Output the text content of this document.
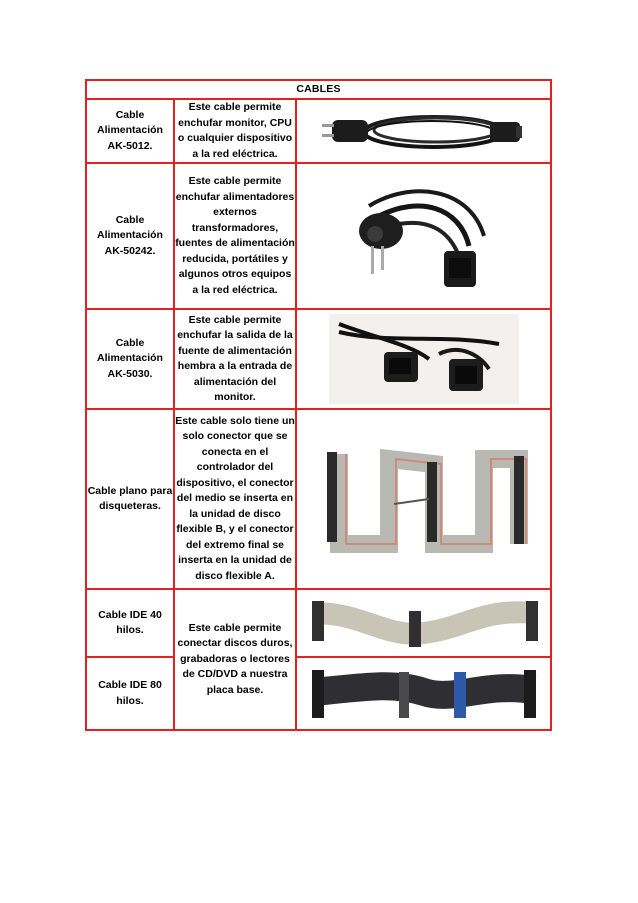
CABLES		
Cable Alimentación AK-5012.	Este cable permite enchufar monitor, CPU o cualquier dispositivo a la red eléctrica.	

Cable Alimentación AK-50242.	Este cable permite enchufar alimentadores externos transformadores, fuentes de alimentación reducida, portátiles y algunos otros equipos a la red eléctrica.	

Cable Alimentación AK-5030.	Este cable permite enchufar la salida de la fuente de alimentación hembra a la entrada de alimentación del monitor.	

Cable plano para disqueteras.	Este cable solo tiene un solo conector que se conecta en el controlador del dispositivo, el conector del medio se inserta en la unidad de disco flexible B, y el conector del extremo final se inserta en la unidad de disco flexible A.	

Cable IDE 40 hilos.	Este cable permite conectar discos duros, grabadoras o lectores de CD/DVD a nuestra placa base.	

Cable IDE 80 hilos.	
